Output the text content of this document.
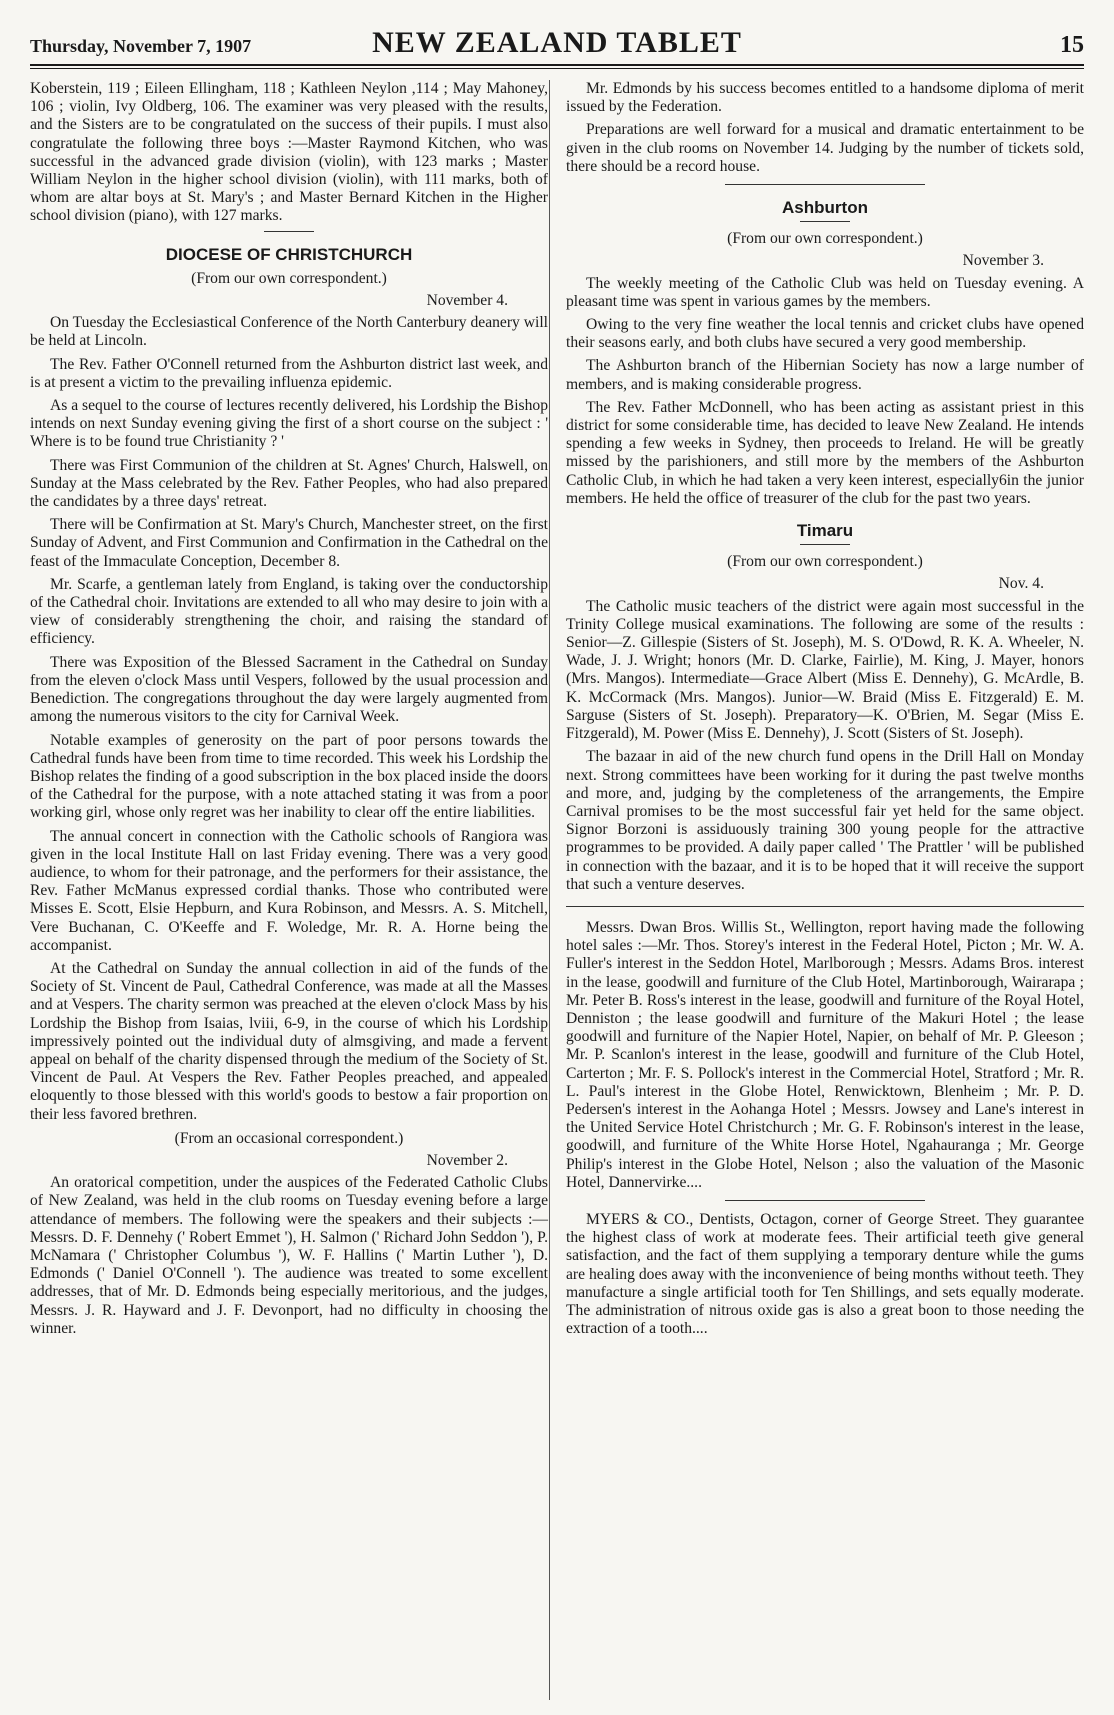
Thursday, November 7, 1907	NEW ZEALAND TABLET	15

Koberstein, 119 ; Eileen Ellingham, 118 ; Kathleen Neylon ,114 ; May Mahoney, 106 ; violin, Ivy Oldberg, 106. The examiner was very pleased with the results, and the Sisters are to be congratulated on the success of their pupils. I must also congratulate the following three boys :—Master Raymond Kitchen, who was successful in the advanced grade division (violin), with 123 marks ; Master William Neylon in the higher school division (violin), with 111 marks, both of whom are altar boys at St. Mary's ; and Master Bernard Kitchen in the Higher school division (piano), with 127 marks.

DIOCESE OF CHRISTCHURCH
(From our own correspondent.)
November 4.

On Tuesday the Ecclesiastical Conference of the North Canterbury deanery will be held at Lincoln.

The Rev. Father O'Connell returned from the Ashburton district last week, and is at present a victim to the prevailing influenza epidemic.

As a sequel to the course of lectures recently delivered, his Lordship the Bishop intends on next Sunday evening giving the first of a short course on the subject : ' Where is to be found true Christianity ? '

There was First Communion of the children at St. Agnes' Church, Halswell, on Sunday at the Mass celebrated by the Rev. Father Peoples, who had also prepared the candidates by a three days' retreat.

There will be Confirmation at St. Mary's Church, Manchester street, on the first Sunday of Advent, and First Communion and Confirmation in the Cathedral on the feast of the Immaculate Conception, December 8.

Mr. Scarfe, a gentleman lately from England, is taking over the conductorship of the Cathedral choir. Invitations are extended to all who may desire to join with a view of considerably strengthening the choir, and raising the standard of efficiency.

There was Exposition of the Blessed Sacrament in the Cathedral on Sunday from the eleven o'clock Mass until Vespers, followed by the usual procession and Benediction. The congregations throughout the day were largely augmented from among the numerous visitors to the city for Carnival Week.

Notable examples of generosity on the part of poor persons towards the Cathedral funds have been from time to time recorded. This week his Lordship the Bishop relates the finding of a good subscription in the box placed inside the doors of the Cathedral for the purpose, with a note attached stating it was from a poor working girl, whose only regret was her inability to clear off the entire liabilities.

The annual concert in connection with the Catholic schools of Rangiora was given in the local Institute Hall on last Friday evening. There was a very good audience, to whom for their patronage, and the performers for their assistance, the Rev. Father McManus expressed cordial thanks. Those who contributed were Misses E. Scott, Elsie Hepburn, and Kura Robinson, and Messrs. A. S. Mitchell, Vere Buchanan, C. O'Keeffe and F. Woledge, Mr. R. A. Horne being the accompanist.

At the Cathedral on Sunday the annual collection in aid of the funds of the Society of St. Vincent de Paul, Cathedral Conference, was made at all the Masses and at Vespers. The charity sermon was preached at the eleven o'clock Mass by his Lordship the Bishop from Isaias, lviii, 6-9, in the course of which his Lordship impressively pointed out the individual duty of almsgiving, and made a fervent appeal on behalf of the charity dispensed through the medium of the Society of St. Vincent de Paul. At Vespers the Rev. Father Peoples preached, and appealed eloquently to those blessed with this world's goods to bestow a fair proportion on their less favored brethren.

(From an occasional correspondent.)
November 2.

An oratorical competition, under the auspices of the Federated Catholic Clubs of New Zealand, was held in the club rooms on Tuesday evening before a large attendance of members. The following were the speakers and their subjects :—Messrs. D. F. Dennehy (' Robert Emmet '), H. Salmon (' Richard John Seddon '), P. McNamara (' Christopher Columbus '), W. F. Hallins (' Martin Luther '), D. Edmonds (' Daniel O'Connell '). The audience was treated to some excellent addresses, that of Mr. D. Edmonds being especially meritorious, and the judges, Messrs. J. R. Hayward and J. F. Devonport, had no difficulty in choosing the winner.

Mr. Edmonds by his success becomes entitled to a handsome diploma of merit issued by the Federation.

Preparations are well forward for a musical and dramatic entertainment to be given in the club rooms on November 14. Judging by the number of tickets sold, there should be a record house.

Ashburton
(From our own correspondent.)
November 3.

The weekly meeting of the Catholic Club was held on Tuesday evening. A pleasant time was spent in various games by the members.

Owing to the very fine weather the local tennis and cricket clubs have opened their seasons early, and both clubs have secured a very good membership.

The Ashburton branch of the Hibernian Society has now a large number of members, and is making considerable progress.

The Rev. Father McDonnell, who has been acting as assistant priest in this district for some considerable time, has decided to leave New Zealand. He intends spending a few weeks in Sydney, then proceeds to Ireland. He will be greatly missed by the parishioners, and still more by the members of the Ashburton Catholic Club, in which he had taken a very keen interest, especially6in the junior members. He held the office of treasurer of the club for the past two years.

Timaru
(From our own correspondent.)
Nov. 4.

The Catholic music teachers of the district were again most successful in the Trinity College musical examinations. The following are some of the results : Senior—Z. Gillespie (Sisters of St. Joseph), M. S. O'Dowd, R. K. A. Wheeler, N. Wade, J. J. Wright; honors (Mr. D. Clarke, Fairlie), M. King, J. Mayer, honors (Mrs. Mangos). Intermediate—Grace Albert (Miss E. Dennehy), G. McArdle, B. K. McCormack (Mrs. Mangos). Junior—W. Braid (Miss E. Fitzgerald) E. M. Sarguse (Sisters of St. Joseph). Preparatory—K. O'Brien, M. Segar (Miss E. Fitzgerald), M. Power (Miss E. Dennehy), J. Scott (Sisters of St. Joseph).

The bazaar in aid of the new church fund opens in the Drill Hall on Monday next. Strong committees have been working for it during the past twelve months and more, and, judging by the completeness of the arrangements, the Empire Carnival promises to be the most successful fair yet held for the same object. Signor Borzoni is assiduously training 300 young people for the attractive programmes to be provided. A daily paper called ' The Prattler ' will be published in connection with the bazaar, and it is to be hoped that it will receive the support that such a venture deserves.

Messrs. Dwan Bros. Willis St., Wellington, report having made the following hotel sales :—Mr. Thos. Storey's interest in the Federal Hotel, Picton ; Mr. W. A. Fuller's interest in the Seddon Hotel, Marlborough ; Messrs. Adams Bros. interest in the lease, goodwill and furniture of the Club Hotel, Martinborough, Wairarapa ; Mr. Peter B. Ross's interest in the lease, goodwill and furniture of the Royal Hotel, Denniston ; the lease goodwill and furniture of the Makuri Hotel ; the lease goodwill and furniture of the Napier Hotel, Napier, on behalf of Mr. P. Gleeson ; Mr. P. Scanlon's interest in the lease, goodwill and furniture of the Club Hotel, Carterton ; Mr. F. S. Pollock's interest in the Commercial Hotel, Stratford ; Mr. R. L. Paul's interest in the Globe Hotel, Renwicktown, Blenheim ; Mr. P. D. Pedersen's interest in the Aohanga Hotel ; Messrs. Jowsey and Lane's interest in the United Service Hotel Christchurch ; Mr. G. F. Robinson's interest in the lease, goodwill, and furniture of the White Horse Hotel, Ngahauranga ; Mr. George Philip's interest in the Globe Hotel, Nelson ; also the valuation of the Masonic Hotel, Dannervirke....

MYERS & CO., Dentists, Octagon, corner of George Street. They guarantee the highest class of work at moderate fees. Their artificial teeth give general satisfaction, and the fact of them supplying a temporary denture while the gums are healing does away with the inconvenience of being months without teeth. They manufacture a single artificial tooth for Ten Shillings, and sets equally moderate. The administration of nitrous oxide gas is also a great boon to those needing the extraction of a tooth....
